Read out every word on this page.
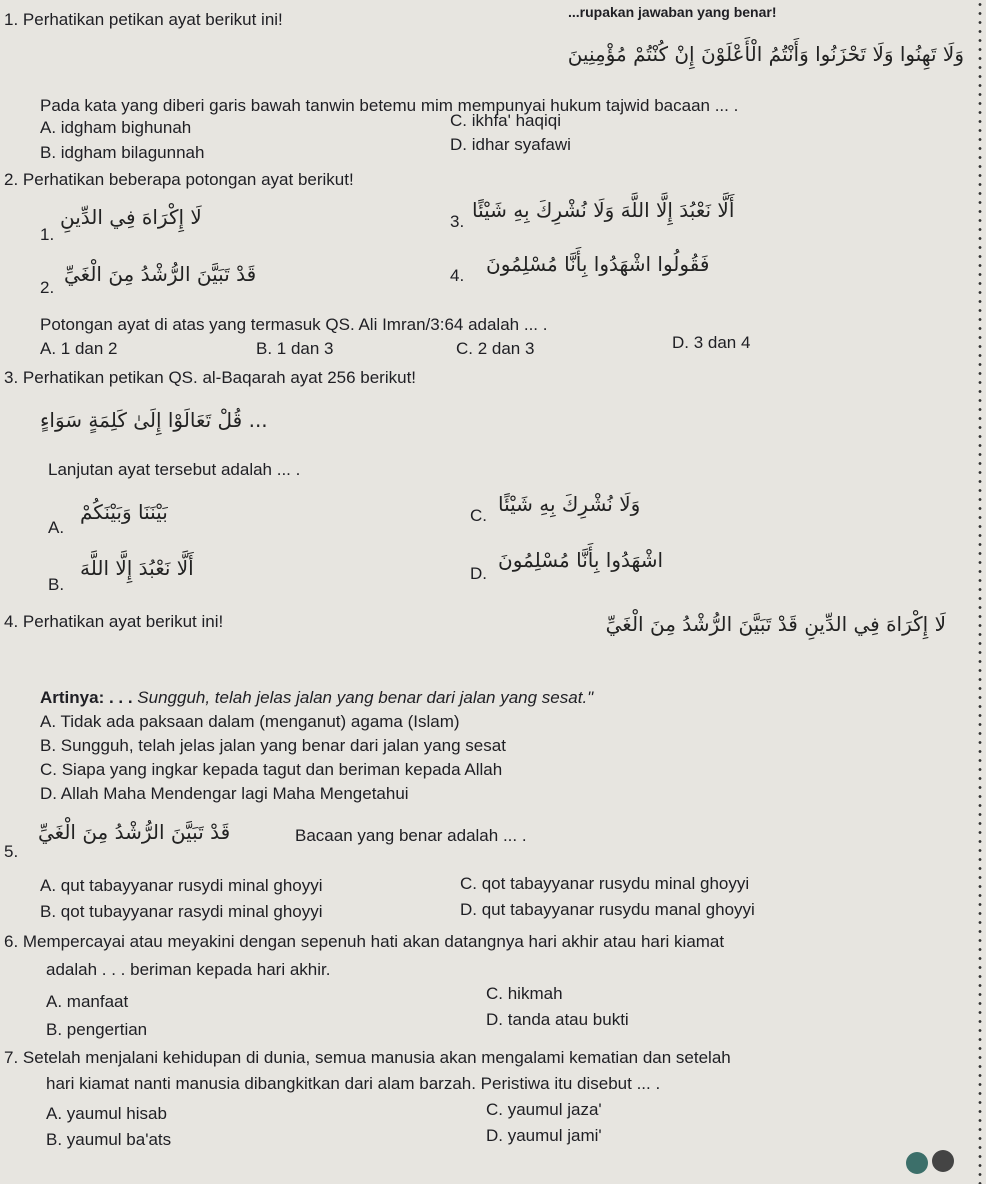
...rupakan jawaban yang benar!
1. Perhatikan petikan ayat berikut ini!
وَلَا تَهِنُوا وَلَا تَحْزَنُوا وَأَنْتُمُ الْأَعْلَوْنَ إِنْ كُنْتُمْ مُؤْمِنِينَ
Pada kata yang diberi garis bawah tanwin betemu mim mempunyai hukum tajwid bacaan ... .
A. idgham bighunah
B. idgham bilagunnah
C. ikhfa' haqiqi
D. idhar syafawi
2. Perhatikan beberapa potongan ayat berikut!
1.
لَا إِكْرَاهَ فِي الدِّينِ
2.
قَدْ تَبَيَّنَ الرُّشْدُ مِنَ الْغَيِّ
3. أَلَّا نَعْبُدَ إِلَّا اللَّهَ وَلَا نُشْرِكَ بِهِ شَيْئًا
4. فَقُولُوا اشْهَدُوا بِأَنَّا مُسْلِمُونَ
Potongan ayat di atas yang termasuk QS. Ali Imran/3:64 adalah ... .
A. 1 dan 2	B. 1 dan 3	C. 2 dan 3	D. 3 dan 4
3. Perhatikan petikan QS. al-Baqarah ayat 256 berikut!
... قُلْ تَعَالَوْا إِلَىٰ كَلِمَةٍ سَوَاءٍ
Lanjutan ayat tersebut adalah ... .
A.
بَيْنَنَا وَبَيْنَكُمْ
B.
أَلَّا نَعْبُدَ إِلَّا اللَّهَ
C. وَلَا نُشْرِكَ بِهِ شَيْئًا
D.
اشْهَدُوا بِأَنَّا مُسْلِمُونَ
4. Perhatikan ayat berikut ini!	لَا إِكْرَاهَ فِي الدِّينِ قَدْ تَبَيَّنَ الرُّشْدُ مِنَ الْغَيِّ
Artinya: . . . Sungguh, telah jelas jalan yang benar dari jalan yang sesat."
A. Tidak ada paksaan dalam (menganut) agama (Islam)
B. Sungguh, telah jelas jalan yang benar dari jalan yang sesat
C. Siapa yang ingkar kepada tagut dan beriman kepada Allah
D. Allah Maha Mendengar lagi Maha Mengetahui
5.
قَدْ تَبَيَّنَ الرُّشْدُ مِنَ الْغَيِّ	Bacaan yang benar adalah ... .
A. qut tabayyanar rusydi minal ghoyyi
B. qot tubayyanar rasydi minal ghoyyi
C. qot tabayyanar rusydu minal ghoyyi
D. qut tabayyanar rusydu manal ghoyyi
6. Mempercayai atau meyakini dengan sepenuh hati akan datangnya hari akhir atau hari kiamat
adalah . . . beriman kepada hari akhir.
A. manfaat
B. pengertian
C. hikmah
D. tanda atau bukti
7. Setelah menjalani kehidupan di dunia, semua manusia akan mengalami kematian dan setelah
hari kiamat nanti manusia dibangkitkan dari alam barzah. Peristiwa itu disebut ... .
A. yaumul hisab
B. yaumul ba'ats
C. yaumul jaza'
D. yaumul jami'
